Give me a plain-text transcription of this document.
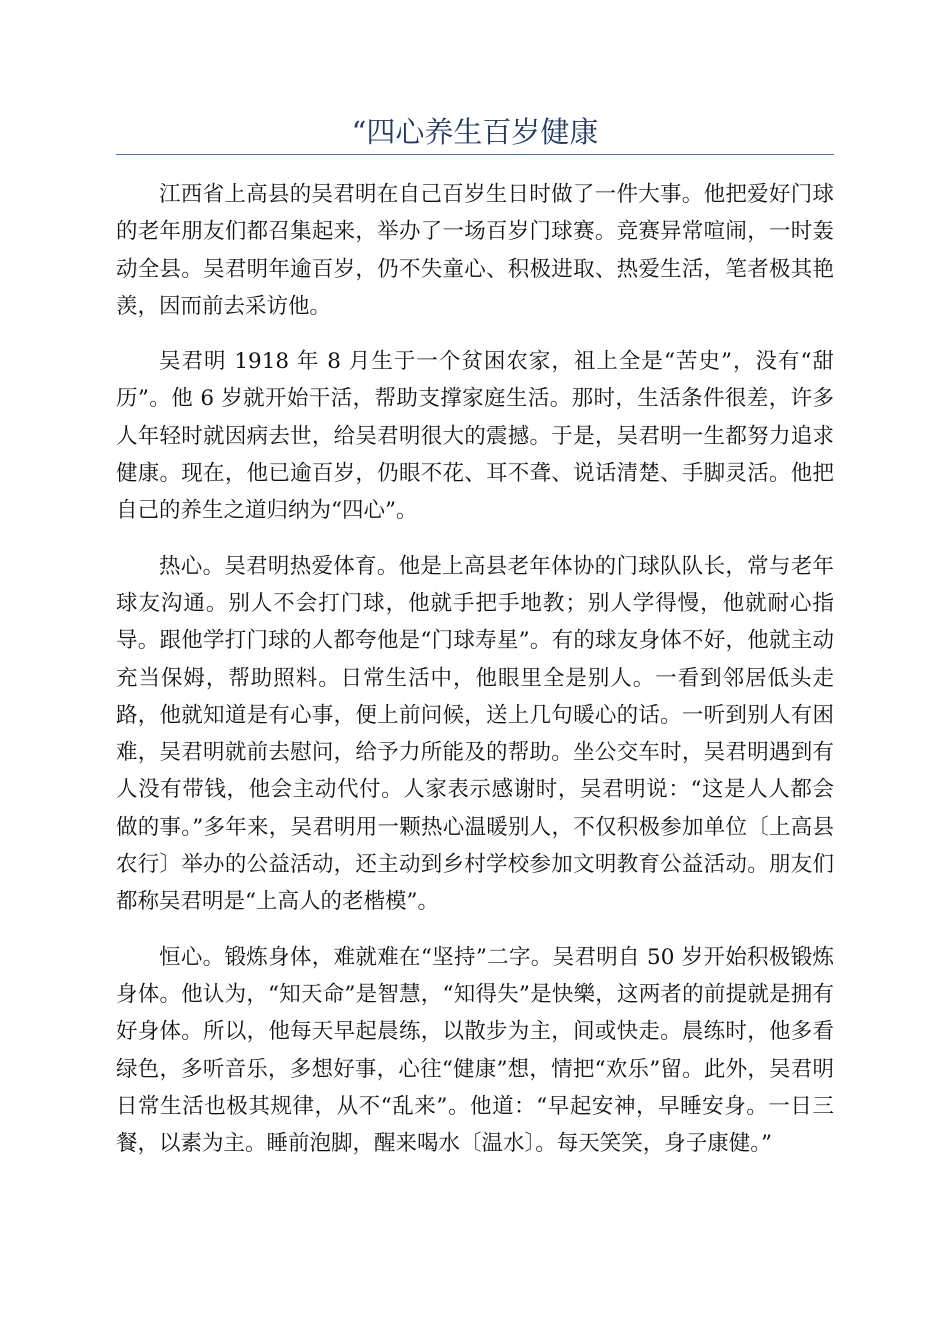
“四心养生百岁健康

江西省上高县的吴君明在自己百岁生日时做了一件大事。他把爱好门球的老年朋友们都召集起来，举办了一场百岁门球赛。竞赛异常喧闹，一时轰动全县。吴君明年逾百岁，仍不失童心、积极进取、热爱生活，笔者极其艳羡，因而前去采访他。

吴君明 1918 年 8 月生于一个贫困农家，祖上全是“苦史”，没有“甜历”。他 6 岁就开始干活，帮助支撑家庭生活。那时，生活条件很差，许多人年轻时就因病去世，给吴君明很大的震撼。于是，吴君明一生都努力追求健康。现在，他已逾百岁，仍眼不花、耳不聋、说话清楚、手脚灵活。他把自己的养生之道归纳为“四心”。

热心。吴君明热爱体育。他是上高县老年体协的门球队队长，常与老年球友沟通。别人不会打门球，他就手把手地教；别人学得慢，他就耐心指导。跟他学打门球的人都夸他是“门球寿星”。有的球友身体不好，他就主动充当保姆，帮助照料。日常生活中，他眼里全是别人。一看到邻居低头走路，他就知道是有心事，便上前问候，送上几句暖心的话。一听到别人有困难，吴君明就前去慰问，给予力所能及的帮助。坐公交车时，吴君明遇到有人没有带钱，他会主动代付。人家表示感谢时，吴君明说：“这是人人都会做的事。”多年来，吴君明用一颗热心温暖别人，不仅积极参加单位〔上高县农行〕举办的公益活动，还主动到乡村学校参加文明教育公益活动。朋友们都称吴君明是“上高人的老楷模”。

恒心。锻炼身体，难就难在“坚持”二字。吴君明自 50 岁开始积极锻炼身体。他认为，“知天命”是智慧，“知得失”是快樂，这两者的前提就是拥有好身体。所以，他每天早起晨练，以散步为主，间或快走。晨练时，他多看绿色，多听音乐，多想好事，心往“健康”想，情把“欢乐”留。此外，吴君明日常生活也极其规律，从不“乱来”。他道：“早起安神，早睡安身。一日三餐，以素为主。睡前泡脚，醒来喝水〔温水〕。每天笑笑，身子康健。”
